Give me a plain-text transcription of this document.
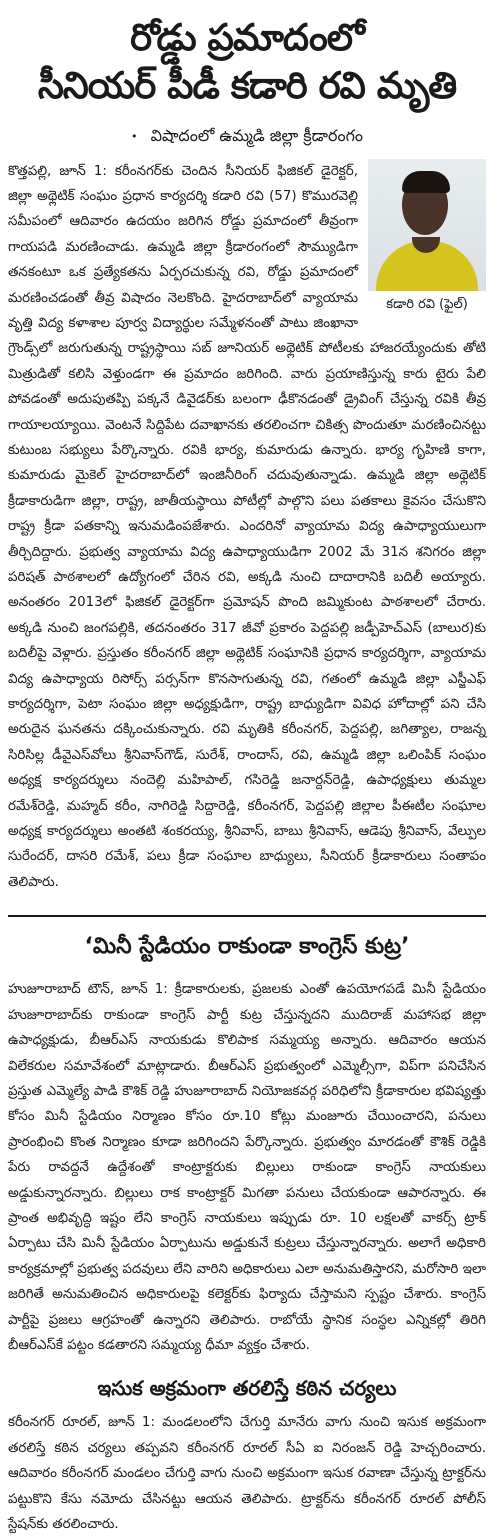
రోడ్డు ప్రమాదంలో
సీనియర్ పీడీ కడారి రవి మృతి
• విషాదంలో ఉమ్మడి జిల్లా క్రీడారంగం
కడారి రవి (ఫైల్)

కొత్తపల్లి, జూన్ 1: కరీంనగర్‌కు చెందిన సీనియర్ ఫిజికల్ డైరెక్టర్, జిల్లా అథ్లెటిక్ సంఘం ప్రధాన కార్యదర్శి కడారి రవి (57) కొమురవెల్లి సమీపంలో ఆదివారం ఉదయం జరిగిన రోడ్డు ప్రమాదంలో తీవ్రంగా గాయపడి మరణించాడు. ఉమ్మడి జిల్లా క్రీడారంగంలో సౌమ్యుడిగా తనకంటూ ఒక ప్రత్యేకతను ఏర్పరచుకున్న రవి, రోడ్డు ప్రమాదంలో మరణించడంతో తీవ్ర విషాదం నెలకొంది. హైదరాబాద్‌లో వ్యాయామ వృత్తి విద్య కళాశాల పూర్వ విద్యార్థుల సమ్మేళనంతో పాటు జింఖానా గ్రౌండ్స్‌లో జరుగుతున్న రాష్ట్రస్థాయి సబ్ జూనియర్ అథ్లెటిక్ పోటీలకు హాజరయ్యేందుకు తోటి మిత్రుడితో కలిసి వెళ్తుండగా ఈ ప్రమాదం జరిగింది. వారు ప్రయాణిస్తున్న కారు టైరు పేలి పోవడంతో అదుపుతప్పి పక్కనే డివైడర్‌కు బలంగా ఢీకొనడంతో డ్రైవింగ్ చేస్తున్న రవికి తీవ్ర గాయాలయ్యాయి. వెంటనే సిద్దిపేట దవాఖానకు తరలించగా చికిత్స పొందుతూ మరణించినట్టు కుటుంబ సభ్యులు పేర్కొన్నారు. రవికి భార్య, కుమారుడు ఉన్నారు. భార్య గృహిణి కాగా, కుమారుడు మైకెల్ హైదరాబాద్‌లో ఇంజినీరింగ్ చదువుతున్నాడు. ఉమ్మడి జిల్లా అథ్లెటిక్ క్రీడాకారుడిగా జిల్లా, రాష్ట్ర, జాతీయస్థాయి పోటీల్లో పాల్గొని పలు పతకాలు కైవసం చేసుకొని రాష్ట్ర క్రీడా పతకాన్ని ఇనుమడింపజేశారు. ఎందరినో వ్యాయామ విద్య ఉపాధ్యాయులుగా తీర్చిదిద్దారు. ప్రభుత్వ వ్యాయామ విద్య ఉపాధ్యాయుడిగా 2002 మే 31న శనిగరం జిల్లా పరిషత్ పాఠశాలలో ఉద్యోగంలో చేరిన రవి, అక్కడి నుంచి దాదారానికి బదిలీ అయ్యారు. అనంతరం 2013లో ఫిజికల్ డైరెక్టర్‌గా ప్రమోషన్ పొంది జమ్మికుంట పాఠశాలలో చేరారు. అక్కడి నుంచి జంగపల్లికి, తదనంతరం 317 జీవో ప్రకారం పెద్దపల్లి జడ్పీహెచ్ఎస్ (బాలుర)కు బదిలీపై వెళ్లారు. ప్రస్తుతం కరీంనగర్ జిల్లా అథ్లెటిక్ సంఘానికి ప్రధాన కార్యదర్శిగా, వ్యాయామ విద్య ఉపాధ్యాయ రిసోర్స్ పర్సన్‌గా కొనసాగుతున్న రవి, గతంలో ఉమ్మడి జిల్లా ఎస్జీఎఫ్ కార్యదర్శిగా, పెటా సంఘం జిల్లా అధ్యక్షుడిగా, రాష్ట్ర బాధ్యుడిగా వివిధ హోదాల్లో పని చేసి అరుదైన ఘనతను దక్కించుకున్నారు. రవి మృతికి కరీంనగర్, పెద్దపల్లి, జగిత్యాల, రాజన్న సిరిసిల్ల డీవైఎస్‌వోలు శ్రీనివాస్‌గౌడ్, సురేశ్, రాందాస్, రవి, ఉమ్మడి జిల్లా ఒలింపిక్ సంఘం అధ్యక్ష కార్యదర్శులు నందెల్లి మహిపాల్, గసిరెడ్డి జనార్దన్‌రెడ్డి, ఉపాధ్యక్షులు తుమ్మల రమేశ్‌రెడ్డి, మహ్మద్ కరీం, నాగిరెడ్డి సిద్దారెడ్డి, కరీంనగర్, పెద్దపల్లి జిల్లాల పీఈటీల సంఘాల అధ్యక్ష కార్యదర్శులు అంతటి శంకరయ్య, శ్రీనివాస్, బాబు శ్రీనివాస్, ఆడెపు శ్రీనివాస్, వేల్పుల సురేందర్, దాసరి రమేశ్, పలు క్రీడా సంఘాల బాధ్యులు, సీనియర్ క్రీడాకారులు సంతాపం తెలిపారు.

‘మినీ స్టేడియం రాకుండా కాంగ్రెస్ కుట్ర’

హుజూరాబాద్ టౌన్, జూన్ 1: క్రీడాకారులకు, ప్రజలకు ఎంతో ఉపయోగపడే మినీ స్టేడియం హుజూరాబాద్‌కు రాకుండా కాంగ్రెస్ పార్టీ కుట్ర చేస్తున్నదని ముదిరాజ్ మహాసభ జిల్లా ఉపాధ్యక్షుడు, బీఆర్ఎస్ నాయకుడు కొలిపాక సమ్మయ్య అన్నారు. ఆదివారం ఆయన విలేకరుల సమావేశంలో మాట్లాడారు. బీఆర్ఎస్ ప్రభుత్వంలో ఎమ్మెల్సీగా, విప్‌గా పనిచేసిన ప్రస్తుత ఎమ్మెల్యే పాడి కౌశిక్ రెడ్డి హుజూరాబాద్ నియోజకవర్గ పరిధిలోని క్రీడాకారుల భవిష్యత్తు కోసం మినీ స్టేడియం నిర్మాణం కోసం రూ.10 కోట్లు మంజూరు చేయించారని, పనులు ప్రారంభించి కొంత నిర్మాణం కూడా జరిగిందని పేర్కొన్నారు. ప్రభుత్వం మారడంతో కౌశిక్ రెడ్డికి పేరు రావద్దనే ఉద్దేశంతో కాంట్రాక్టరుకు బిల్లులు రాకుండా కాంగ్రెస్ నాయకులు అడ్డుకున్నారన్నారు. బిల్లులు రాక కాంట్రాక్టర్ మిగతా పనులు చేయకుండా ఆపారన్నారు. ఈ ప్రాంత అభివృద్ధి ఇష్టం లేని కాంగ్రెస్ నాయకులు ఇప్పుడు రూ. 10 లక్షలతో వాకర్స్ ట్రాక్ ఏర్పాటు చేసి మినీ స్టేడియం ఏర్పాటును అడ్డుకునే కుట్రలు చేస్తున్నారన్నారు. అలాగే అధికారి కార్యక్రమాల్లో ప్రభుత్వ పదవులు లేని వారిని అధికారులు ఎలా అనుమతిస్తారని, మరోసారి ఇలా జరిగితే అనుమతించిన అధికారులపై కలెక్టర్‌కు ఫిర్యాదు చేస్తామని స్పష్టం చేశారు. కాంగ్రెస్ పార్టీపై ప్రజలు ఆగ్రహంతో ఉన్నారని తెలిపారు. రాబోయే స్థానిక సంస్థల ఎన్నికల్లో తిరిగి బీఆర్ఎస్‌కే పట్టం కడతారని సమ్మయ్య ధీమా వ్యక్తం చేశారు.

ఇసుక అక్రమంగా తరలిస్తే కఠిన చర్యలు

కరీంనగర్ రూరల్, జూన్ 1: మండలంలోని చేగుర్తి మానేరు వాగు నుంచి ఇసుక అక్రమంగా తరలిస్తే కఠిన చర్యలు తప్పవని కరీంనగర్ రూరల్ సీఏ ఐ నిరంజన్ రెడ్డి హెచ్చరించారు. ఆదివారం కరీంనగర్ మండలం చేగుర్తి వాగు నుంచి అక్రమంగా ఇసుక రవాణా చేస్తున్న ట్రాక్టర్‌ను పట్టుకొని కేసు నమోదు చేసినట్టు ఆయన తెలిపారు. ట్రాక్టర్‌ను కరీంనగర్ రూరల్ పోలీస్ స్టేషన్‌కు తరలించారు.
